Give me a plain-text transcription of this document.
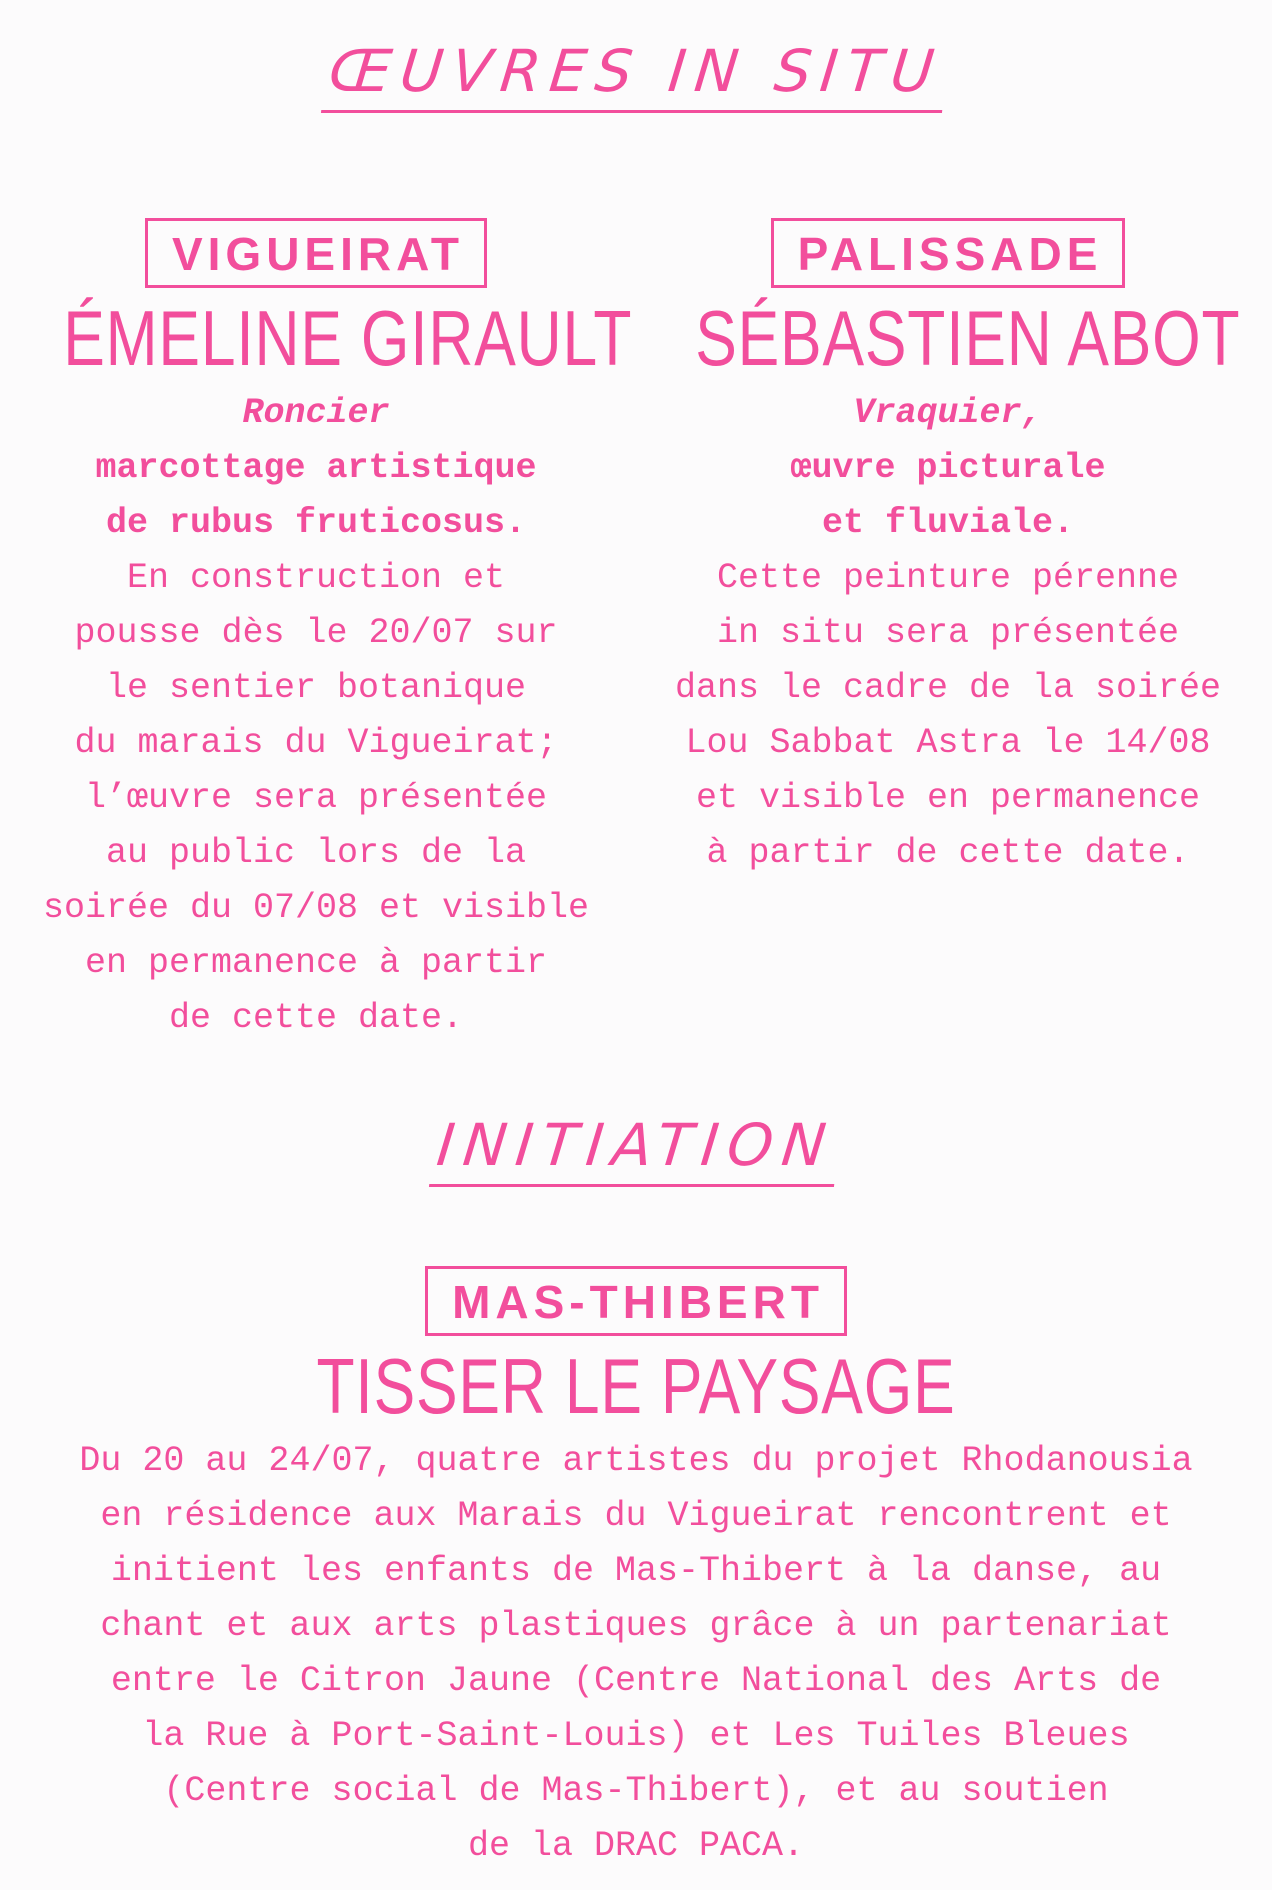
ŒUVRES IN SITU
VIGUEIRAT
ÉMELINE GIRAULT

Roncier

marcottage artistique
de rubus fruticosus.

En construction et
pousse dès le 20/07 sur
le sentier botanique
du marais du Vigueirat;
l’œuvre sera présentée
au public lors de la
soirée du 07/08 et visible
en permanence à partir
de cette date.

PALISSADE
SÉBASTIEN ABOT

Vraquier,

œuvre picturale
et fluviale.

Cette peinture pérenne
in situ sera présentée
dans le cadre de la soirée
Lou Sabbat Astra le 14/08
et visible en permanence
à partir de cette date.

INITIATION
MAS-THIBERT
TISSER LE PAYSAGE

Du 20 au 24/07, quatre artistes du projet Rhodanousia
en résidence aux Marais du Vigueirat rencontrent et
initient les enfants de Mas-Thibert à la danse, au
chant et aux arts plastiques grâce à un partenariat
entre le Citron Jaune (Centre National des Arts de
la Rue à Port-Saint-Louis) et Les Tuiles Bleues
(Centre social de Mas-Thibert), et au soutien
de la DRAC PACA.
